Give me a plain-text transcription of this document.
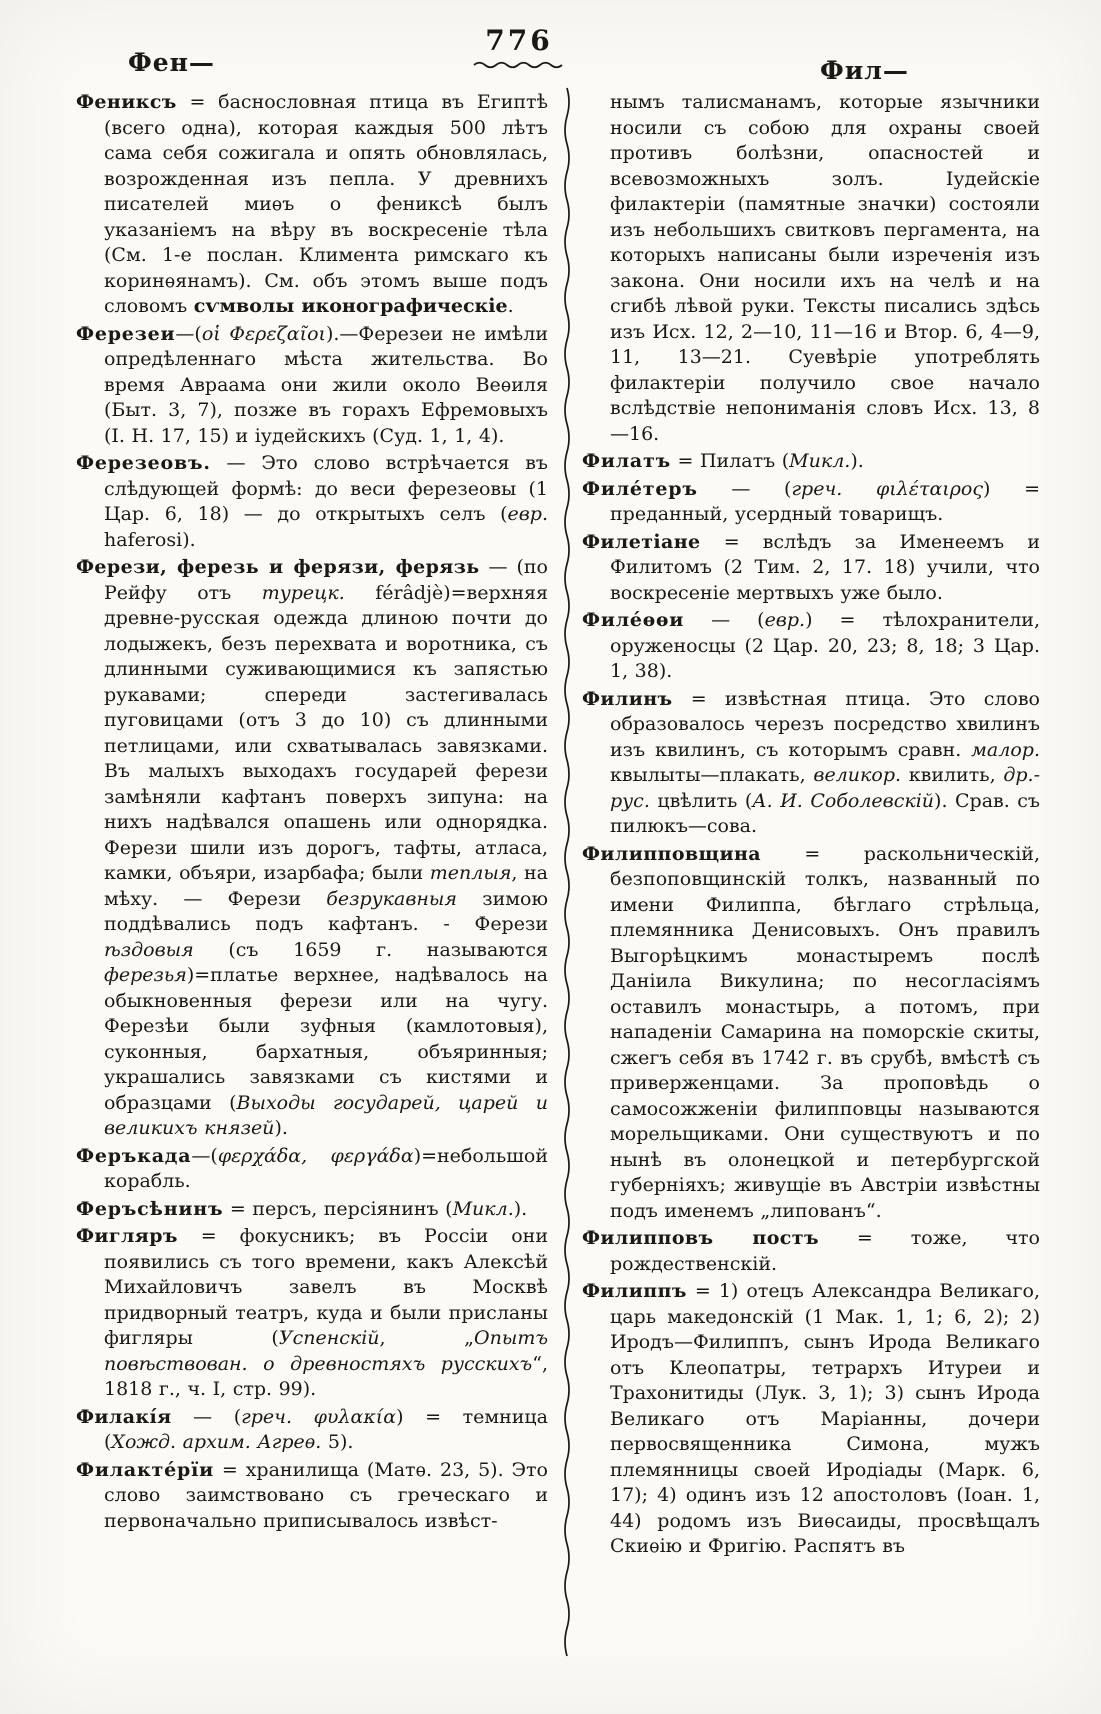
Фен—
776
Фил—

Фениксъ = баснословная птица въ Египтѣ (всего одна), которая каждыя 500 лѣтъ сама себя сожигала и опять обновлялась, возрожденная изъ пепла. У древнихъ писателей миѳъ о фениксѣ былъ указаніемъ на вѣру въ воскресеніе тѣла (См. 1-е послан. Климента римскаго къ коринѳянамъ). См. объ этомъ выше подъ словомъ сѵмволы иконографическіе.

Ферезеи—(οἱ Φερεζαῖοι).—Ферезеи не имѣли опредѣленнаго мѣста жительства. Во время Авраама они жили около Веѳиля (Быт. 3, 7), позже въ горахъ Ефремовыхъ (І. Н. 17, 15) и іудейскихъ (Суд. 1, 1, 4).

Ферезеовъ. — Это слово встрѣчается въ слѣдующей формѣ: до веси ферезеовы (1 Цар. 6, 18) — до открытыхъ селъ (евр. haferosi).

Ферези, ферезь и ферязи, ферязь — (по Рейфу отъ турецк. férâdjè)=верхняя древне-русская одежда длиною почти до лодыжекъ, безъ перехвата и воротника, съ длинными суживающимися къ запястью рукавами; спереди застегивалась пуговицами (отъ 3 до 10) съ длинными петлицами, или схватывалась завязками. Въ малыхъ выходахъ государей ферези замѣняли кафтанъ поверхъ зипуна: на нихъ надѣвался опашень или однорядка. Ферези шили изъ дорогъ, тафты, атласа, камки, объяри, изарбафа; были теплыя, на мѣху. — Ферези безрукавныя зимою поддѣвались подъ кафтанъ. - Ферези ѣздовыя (съ 1659 г. называются ферезья)=платье верхнее, надѣвалось на обыкновенныя ферези или на чугу. Ферезѣи были зуфныя (камлотовыя), суконныя, бархатныя, объяринныя; украшались завязками съ кистями и образцами (Выходы государей, царей и великихъ князей).

Феръкада—(φερχάδα, φεργάδα)=небольшой корабль.

Феръсѣнинъ = персъ, персіянинъ (Микл.).

Фигляръ = фокусникъ; въ Россіи они появились съ того времени, какъ Алексѣй Михайловичъ завелъ въ Москвѣ придворный театръ, куда и были присланы фигляры (Успенскій, „Опытъ повѣствован. о древностяхъ русскихъ“, 1818 г., ч. I, стр. 99).

Филакі́я — (греч. φυλακία) = темница (Хожд. архим. Агреѳ. 5).

Филакте́рїи = хранилища (Матѳ. 23, 5). Это слово заимствовано съ греческаго и первоначально приписывалось извѣст-

нымъ талисманамъ, которые язычники носили съ собою для охраны своей противъ болѣзни, опасностей и всевозможныхъ золъ. Іудейскіе филактеріи (памятные значки) состояли изъ небольшихъ свитковъ пергамента, на которыхъ написаны были изреченія изъ закона. Они носили ихъ на челѣ и на сгибѣ лѣвой руки. Тексты писались здѣсь изъ Исх. 12, 2—10, 11—16 и Втор. 6, 4—9, 11, 13—21. Суевѣріе употреблять филактеріи получило свое начало вслѣдствіе непониманія словъ Исх. 13, 8—16.

Филатъ = Пилатъ (Микл.).

Филе́теръ — (греч. φιλέταιρος) = преданный, усердный товарищъ.

Филетіане = вслѣдъ за Именеемъ и Филитомъ (2 Тим. 2, 17. 18) учили, что воскресеніе мертвыхъ уже было.

Филе́ѳѳи — (евр.) = тѣлохранители, оруженосцы (2 Цар. 20, 23; 8, 18; 3 Цар. 1, 38).

Филинъ = извѣстная птица. Это слово образовалось черезъ посредство хвилинъ изъ квилинъ, съ которымъ сравн. малор. квылыты—плакать, великор. квилить, др.-рус. цвѣлить (А. И. Соболевскій). Срав. съ пилюкъ—сова.

Филипповщина = раскольническій, безпоповщинскій толкъ, названный по имени Филиппа, бѣглаго стрѣльца, племянника Денисовыхъ. Онъ правилъ Выгорѣцкимъ монастыремъ послѣ Даніила Викулина; по несогласіямъ оставилъ монастырь, а потомъ, при нападеніи Самарина на поморскіе скиты, сжегъ себя въ 1742 г. въ срубѣ, вмѣстѣ съ приверженцами. За проповѣдь о самосожженіи филипповцы называются морельщиками. Они существуютъ и по нынѣ въ олонецкой и петербургской губерніяхъ; живущіе въ Австріи извѣстны подъ именемъ „липованъ“.

Филипповъ постъ = тоже, что рождественскій.

Филиппъ = 1) отецъ Александра Великаго, царь македонскій (1 Мак. 1, 1; 6, 2); 2) Иродъ—Филиппъ, сынъ Ирода Великаго отъ Клеопатры, тетрархъ Итуреи и Трахонитиды (Лук. 3, 1); 3) сынъ Ирода Великаго отъ Маріанны, дочери первосвященника Симона, мужъ племянницы своей Иродіады (Марк. 6, 17); 4) одинъ изъ 12 апостоловъ (Іоан. 1, 44) родомъ изъ Виѳсаиды, просвѣщалъ Скиѳію и Фригію. Распятъ въ
